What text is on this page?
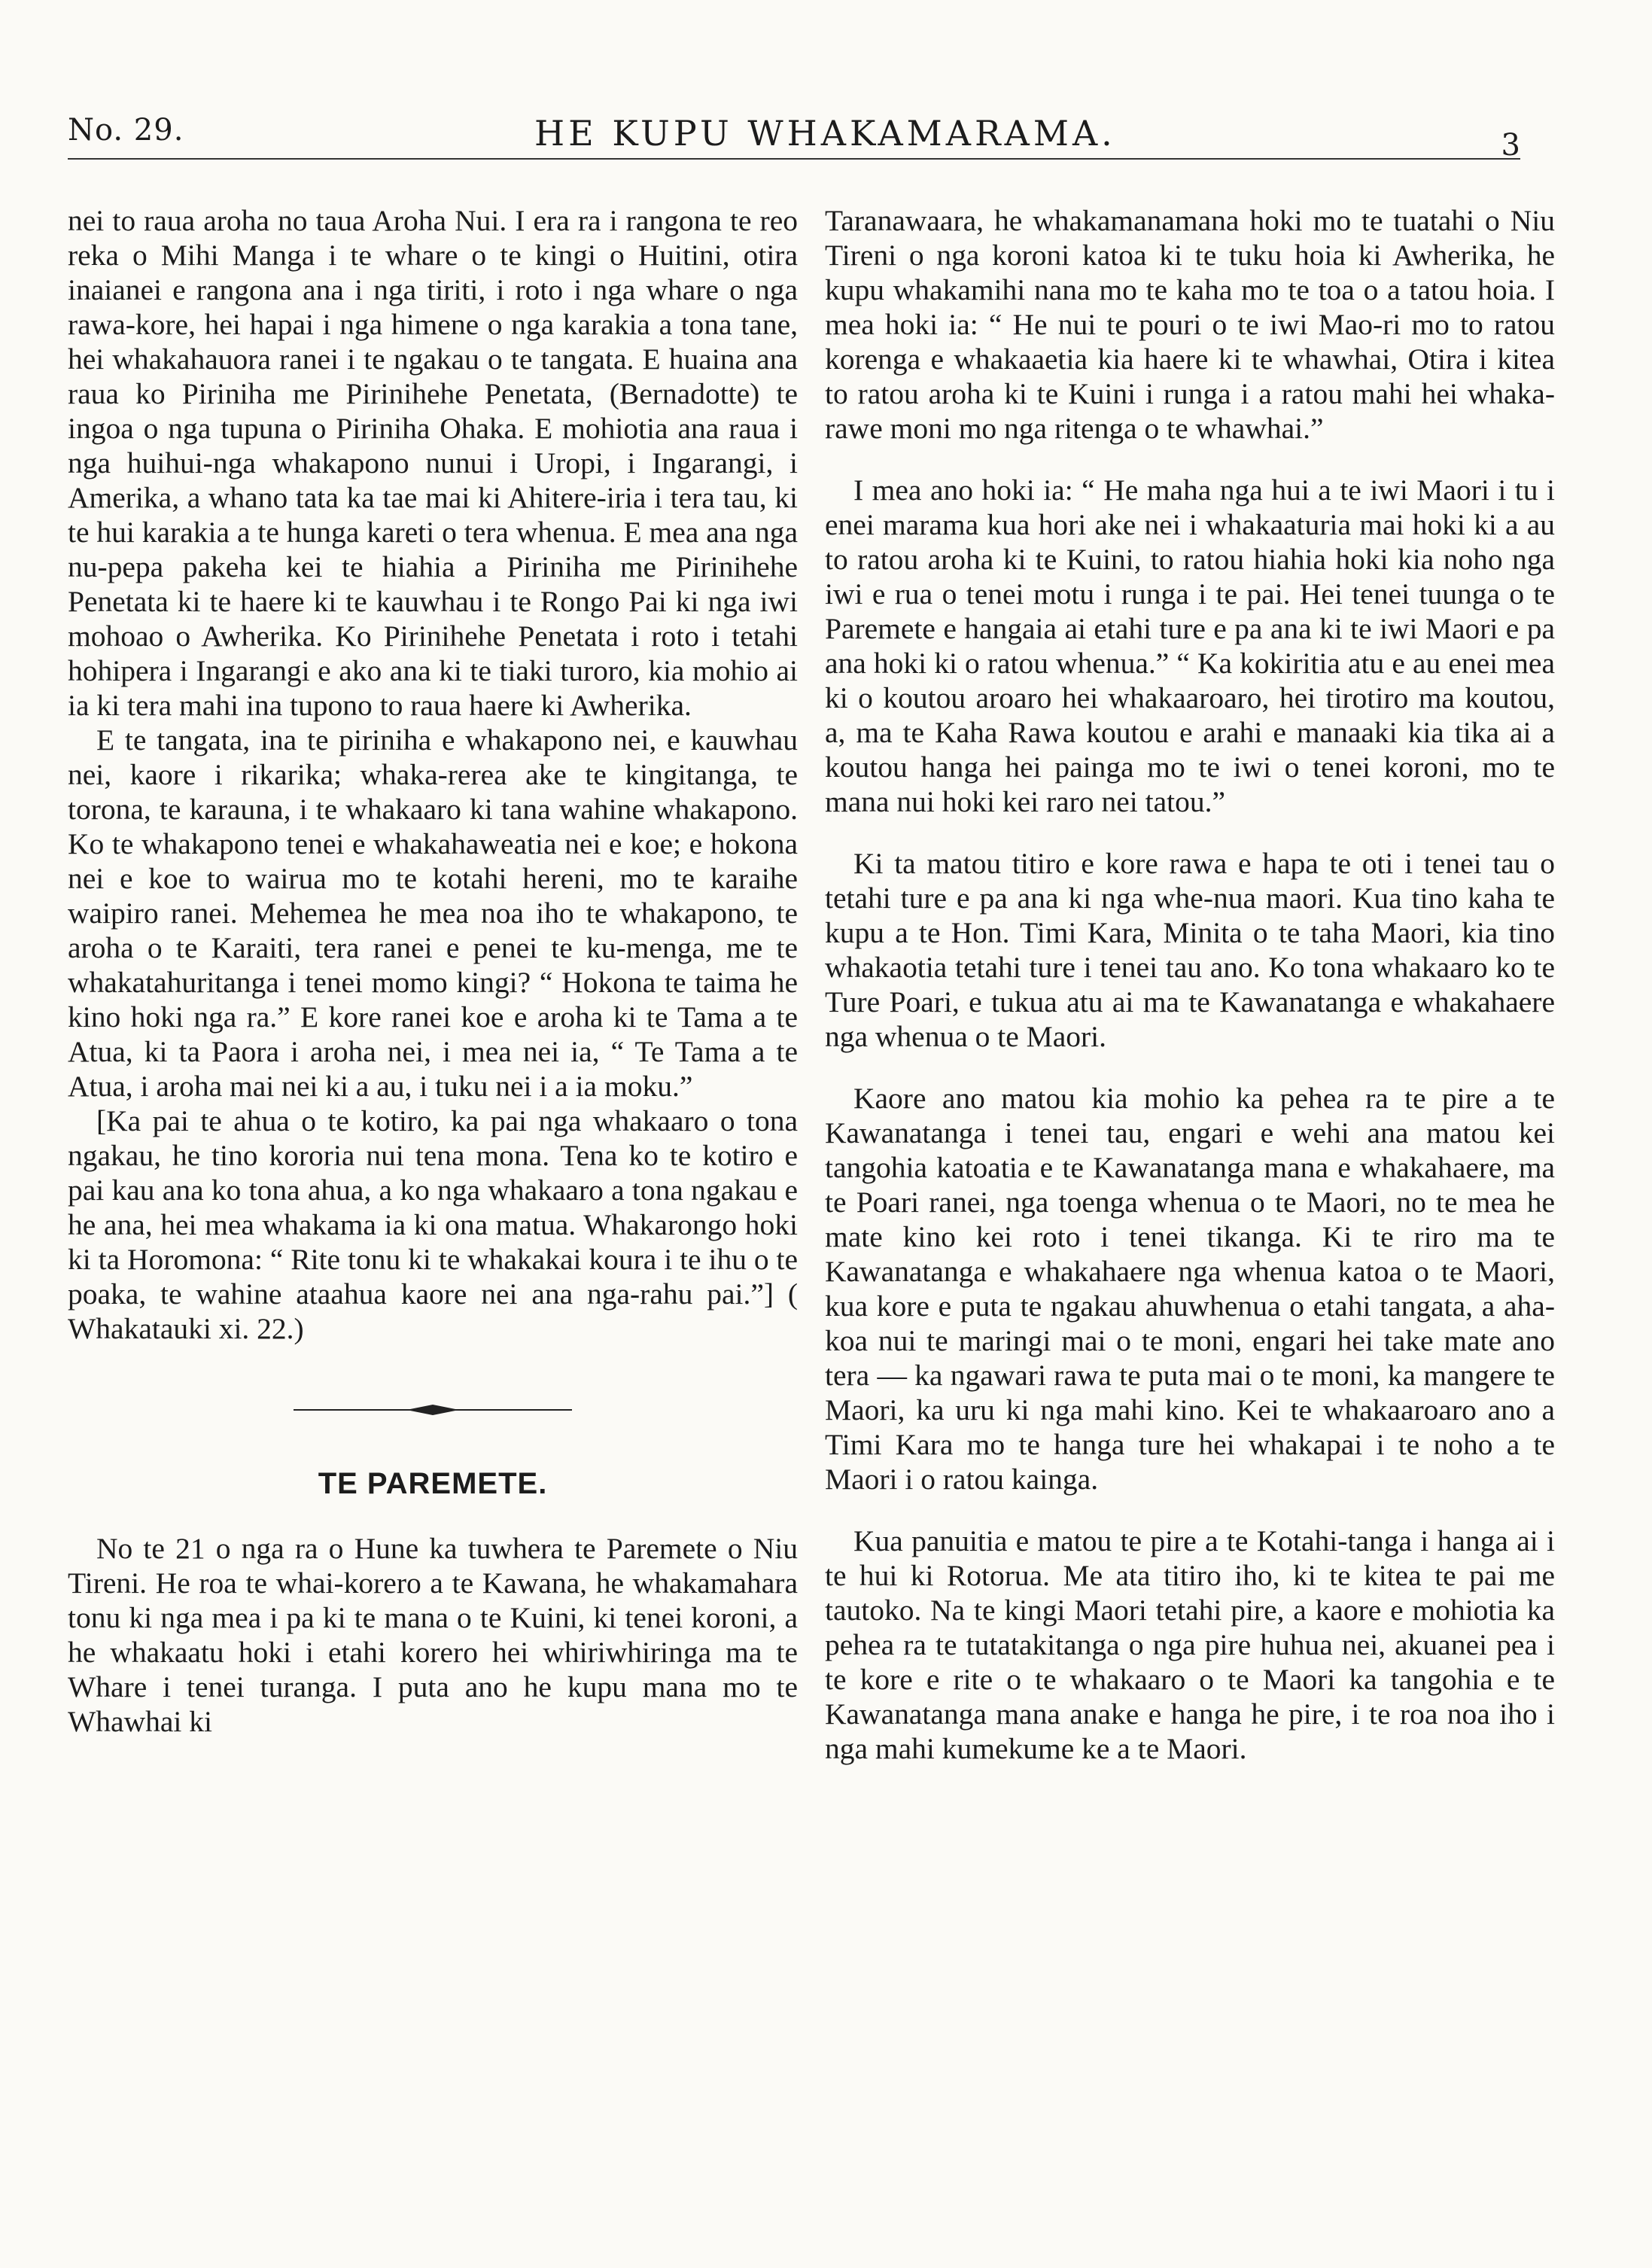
No. 29.	HE KUPU WHAKAMARAMA.	3

nei to raua aroha no taua Aroha Nui. I era ra i rangona te reo reka o Mihi Manga i te whare o te kingi o Huitini, otira inaianei e rangona ana i nga tiriti, i roto i nga whare o nga rawa-kore, hei hapai i nga himene o nga karakia a tona tane, hei whakahauora ranei i te ngakau o te tangata. E huaina ana raua ko Piriniha me Pirinihehe Penetata, (Bernadotte) te ingoa o nga tupuna o Piriniha Ohaka. E mohiotia ana raua i nga huihui-nga whakapono nunui i Uropi, i Ingarangi, i Amerika, a whano tata ka tae mai ki Ahitere-iria i tera tau, ki te hui karakia a te hunga kareti o tera whenua. E mea ana nga nu-pepa pakeha kei te hiahia a Piriniha me Pirinihehe Penetata ki te haere ki te kauwhau i te Rongo Pai ki nga iwi mohoao o Awherika. Ko Pirinihehe Penetata i roto i tetahi hohipera i Ingarangi e ako ana ki te tiaki turoro, kia mohio ai ia ki tera mahi ina tupono to raua haere ki Awherika.

E te tangata, ina te piriniha e whakapono nei, e kauwhau nei, kaore i rikarika; whaka-rerea ake te kingitanga, te torona, te karauna, i te whakaaro ki tana wahine whakapono. Ko te whakapono tenei e whakahaweatia nei e koe; e hokona nei e koe to wairua mo te kotahi hereni, mo te karaihe waipiro ranei. Mehemea he mea noa iho te whakapono, te aroha o te Karaiti, tera ranei e penei te ku-menga, me te whakatahuritanga i tenei momo kingi? “ Hokona te taima he kino hoki nga ra.” E kore ranei koe e aroha ki te Tama a te Atua, ki ta Paora i aroha nei, i mea nei ia, “ Te Tama a te Atua, i aroha mai nei ki a au, i tuku nei i a ia moku.”

[Ka pai te ahua o te kotiro, ka pai nga whakaaro o tona ngakau, he tino kororia nui tena mona. Tena ko te kotiro e pai kau ana ko tona ahua, a ko nga whakaaro a tona ngakau e he ana, hei mea whakama ia ki ona matua. Whakarongo hoki ki ta Horomona: “ Rite tonu ki te whakakai koura i te ihu o te poaka, te wahine ataahua kaore nei ana nga-rahu pai.”] ( Whakatauki xi. 22.)

TE PAREMETE.

No te 21 o nga ra o Hune ka tuwhera te Paremete o Niu Tireni. He roa te whai-korero a te Kawana, he whakamahara tonu ki nga mea i pa ki te mana o te Kuini, ki tenei koroni, a he whakaatu hoki i etahi korero hei whiriwhiringa ma te Whare i tenei turanga. I puta ano he kupu mana mo te Whawhai ki

Taranawaara, he whakamanamana hoki mo te tuatahi o Niu Tireni o nga koroni katoa ki te tuku hoia ki Awherika, he kupu whakamihi nana mo te kaha mo te toa o a tatou hoia. I mea hoki ia: “ He nui te pouri o te iwi Mao-ri mo to ratou korenga e whakaaetia kia haere ki te whawhai, Otira i kitea to ratou aroha ki te Kuini i runga i a ratou mahi hei whaka-rawe moni mo nga ritenga o te whawhai.”

I mea ano hoki ia: “ He maha nga hui a te iwi Maori i tu i enei marama kua hori ake nei i whakaaturia mai hoki ki a au to ratou aroha ki te Kuini, to ratou hiahia hoki kia noho nga iwi e rua o tenei motu i runga i te pai. Hei tenei tuunga o te Paremete e hangaia ai etahi ture e pa ana ki te iwi Maori e pa ana hoki ki o ratou whenua.” “ Ka kokiritia atu e au enei mea ki o koutou aroaro hei whakaaroaro, hei tirotiro ma koutou, a, ma te Kaha Rawa koutou e arahi e manaaki kia tika ai a koutou hanga hei painga mo te iwi o tenei koroni, mo te mana nui hoki kei raro nei tatou.”

Ki ta matou titiro e kore rawa e hapa te oti i tenei tau o tetahi ture e pa ana ki nga whe-nua maori. Kua tino kaha te kupu a te Hon. Timi Kara, Minita o te taha Maori, kia tino whakaotia tetahi ture i tenei tau ano. Ko tona whakaaro ko te Ture Poari, e tukua atu ai ma te Kawanatanga e whakahaere nga whenua o te Maori.

Kaore ano matou kia mohio ka pehea ra te pire a te Kawanatanga i tenei tau, engari e wehi ana matou kei tangohia katoatia e te Kawanatanga mana e whakahaere, ma te Poari ranei, nga toenga whenua o te Maori, no te mea he mate kino kei roto i tenei tikanga. Ki te riro ma te Kawanatanga e whakahaere nga whenua katoa o te Maori, kua kore e puta te ngakau ahuwhenua o etahi tangata, a aha-koa nui te maringi mai o te moni, engari hei take mate ano tera — ka ngawari rawa te puta mai o te moni, ka mangere te Maori, ka uru ki nga mahi kino. Kei te whakaaroaro ano a Timi Kara mo te hanga ture hei whakapai i te noho a te Maori i o ratou kainga.

Kua panuitia e matou te pire a te Kotahi-tanga i hanga ai i te hui ki Rotorua. Me ata titiro iho, ki te kitea te pai me tautoko. Na te kingi Maori tetahi pire, a kaore e mohiotia ka pehea ra te tutatakitanga o nga pire huhua nei, akuanei pea i te kore e rite o te whakaaro o te Maori ka tangohia e te Kawanatanga mana anake e hanga he pire, i te roa noa iho i nga mahi kumekume ke a te Maori.
